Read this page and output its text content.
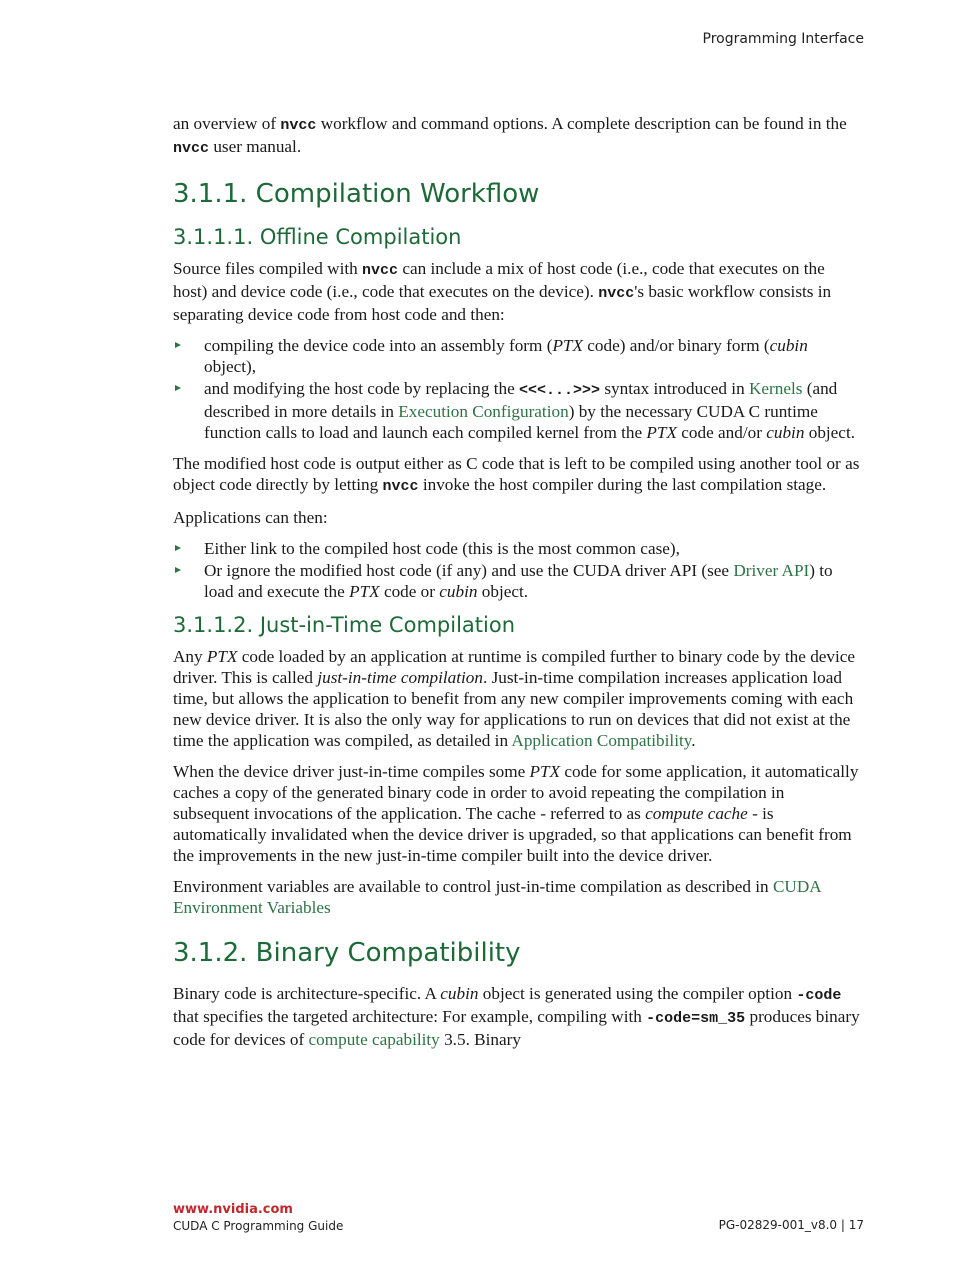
Programming Interface

an overview of nvcc workflow and command options. A complete description can be found in the nvcc user manual.

3.1.1. Compilation Workflow
3.1.1.1. Offline Compilation

Source files compiled with nvcc can include a mix of host code (i.e., code that executes on the host) and device code (i.e., code that executes on the device). nvcc's basic workflow consists in separating device code from host code and then:

compiling the device code into an assembly form (PTX code) and/or binary form (cubin object),
and modifying the host code by replacing the <<<...>>> syntax introduced in Kernels (and described in more details in Execution Configuration) by the necessary CUDA C runtime function calls to load and launch each compiled kernel from the PTX code and/or cubin object.

The modified host code is output either as C code that is left to be compiled using another tool or as object code directly by letting nvcc invoke the host compiler during the last compilation stage.

Applications can then:

Either link to the compiled host code (this is the most common case),
Or ignore the modified host code (if any) and use the CUDA driver API (see Driver API) to load and execute the PTX code or cubin object.
3.1.1.2. Just-in-Time Compilation

Any PTX code loaded by an application at runtime is compiled further to binary code by the device driver. This is called just-in-time compilation. Just-in-time compilation increases application load time, but allows the application to benefit from any new compiler improvements coming with each new device driver. It is also the only way for applications to run on devices that did not exist at the time the application was compiled, as detailed in Application Compatibility.

When the device driver just-in-time compiles some PTX code for some application, it automatically caches a copy of the generated binary code in order to avoid repeating the compilation in subsequent invocations of the application. The cache - referred to as compute cache - is automatically invalidated when the device driver is upgraded, so that applications can benefit from the improvements in the new just-in-time compiler built into the device driver.

Environment variables are available to control just-in-time compilation as described in CUDA Environment Variables

3.1.2. Binary Compatibility

Binary code is architecture-specific. A cubin object is generated using the compiler option -code that specifies the targeted architecture: For example, compiling with -code=sm_35 produces binary code for devices of compute capability 3.5. Binary

www.nvidia.com
CUDA C Programming Guide	PG-02829-001_v8.0 | 17
